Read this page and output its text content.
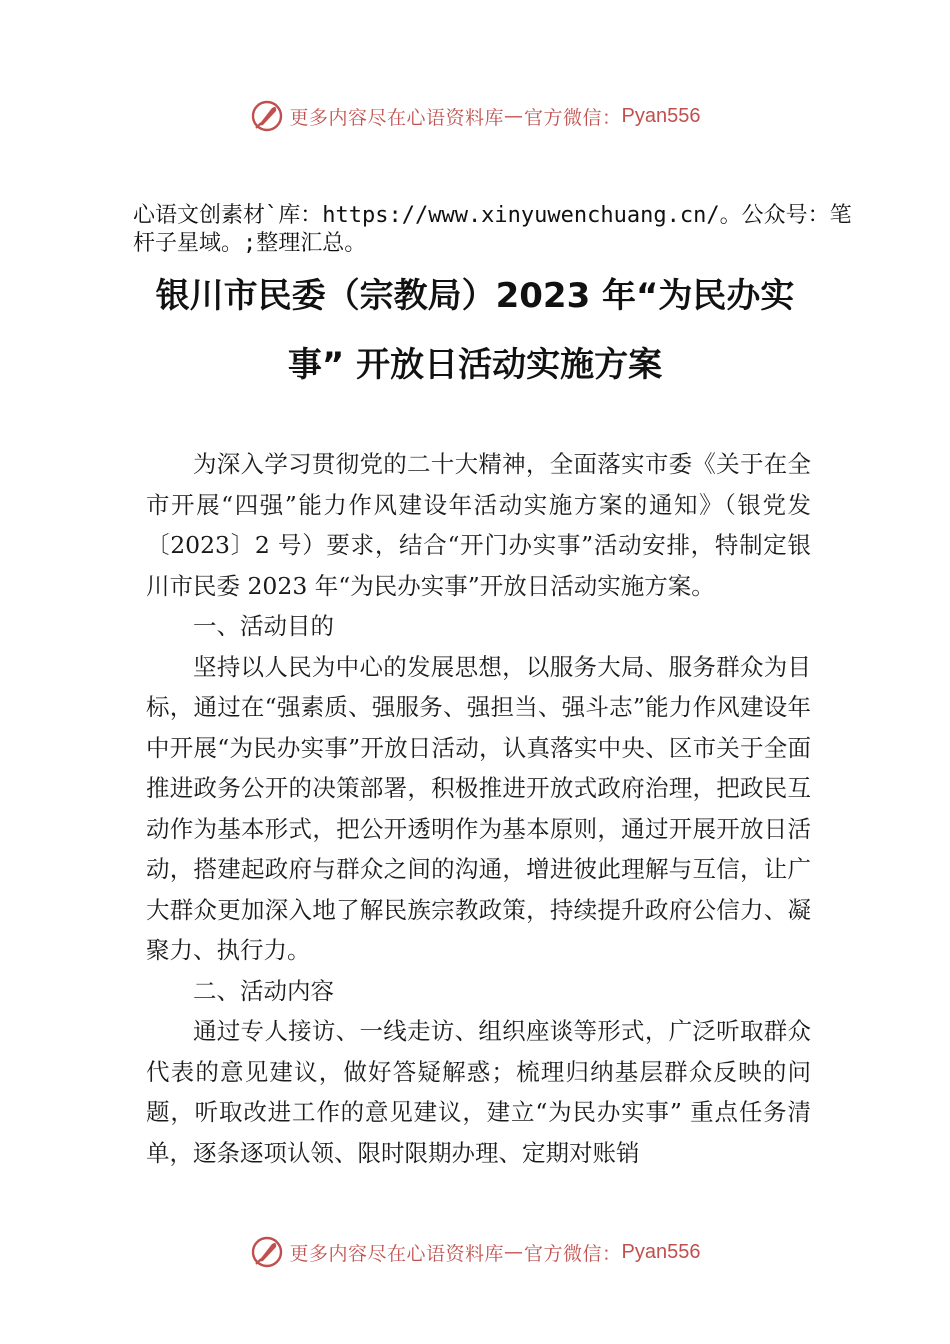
更多内容尽在心语资料库 — 官方微信： Pyan556
心语文创素材`库：https://www.xinyuwenchuang.cn/。公众号：笔杆子星域。;整理汇总。
银川市民委（宗教局）2023 年“为民办实
事” 开放日活动实施方案

为深入学习贯彻党的二十大精神，全面落实市委《关于在全市开展“四强”能力作风建设年活动实施方案的通知》（银党发〔2023〕2 号）要求，结合“开门办实事”活动安排，特制定银川市民委 2023 年“为民办实事”开放日活动实施方案。

一、活动目的

坚持以人民为中心的发展思想，以服务大局、服务群众为目标，通过在“强素质、强服务、强担当、强斗志”能力作风建设年中开展“为民办实事”开放日活动，认真落实中央、区市关于全面推进政务公开的决策部署，积极推进开放式政府治理，把政民互动作为基本形式，把公开透明作为基本原则，通过开展开放日活动，搭建起政府与群众之间的沟通，增进彼此理解与互信，让广大群众更加深入地了解民族宗教政策，持续提升政府公信力、凝聚力、执行力。

二、活动内容

通过专人接访、一线走访、组织座谈等形式，广泛听取群众代表的意见建议，做好答疑解惑；梳理归纳基层群众反映的问题，听取改进工作的意见建议，建立“为民办实事” 重点任务清单，逐条逐项认领、限时限期办理、定期对账销

更多内容尽在心语资料库 — 官方微信： Pyan556
